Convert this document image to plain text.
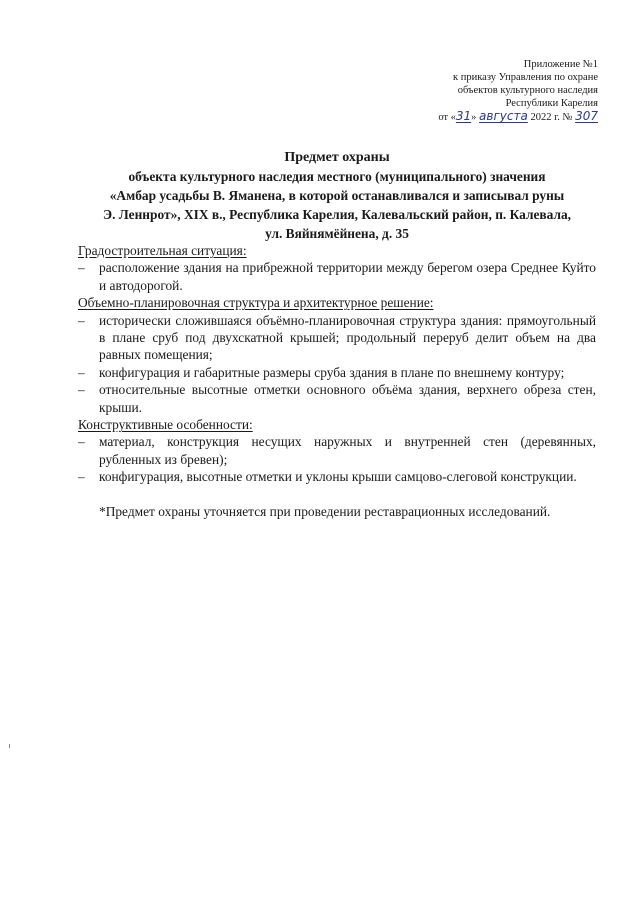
Приложение №1
к приказу Управления по охране
объектов культурного наследия
Республики Карелия
от «31» августа 2022 г. № 307
Предмет охраны
объекта культурного наследия местного (муниципального) значения
«Амбар усадьбы В. Яманена, в которой останавливался и записывал руны
Э. Леннрот», XIX в., Республика Карелия, Калевальский район, п. Калевала,
ул. Вяйнямёйнена, д. 35
Градостроительная ситуация:
– расположение здания на прибрежной территории между берегом озера Среднее Куйто и автодорогой.
Объемно-планировочная структура и архитектурное решение:
– исторически сложившаяся объёмно-планировочная структура здания: прямоугольный в плане сруб под двухскатной крышей; продольный переруб делит объем на два равных помещения;
– конфигурация и габаритные размеры сруба здания в плане по внешнему контуру;
– относительные высотные отметки основного объёма здания, верхнего обреза стен, крыши.
Конструктивные особенности:
– материал, конструкция несущих наружных и внутренней стен (деревянных, рубленных из бревен);
– конфигурация, высотные отметки и уклоны крыши самцово-слеговой конструкции.
*Предмет охраны уточняется при проведении реставрационных исследований.
